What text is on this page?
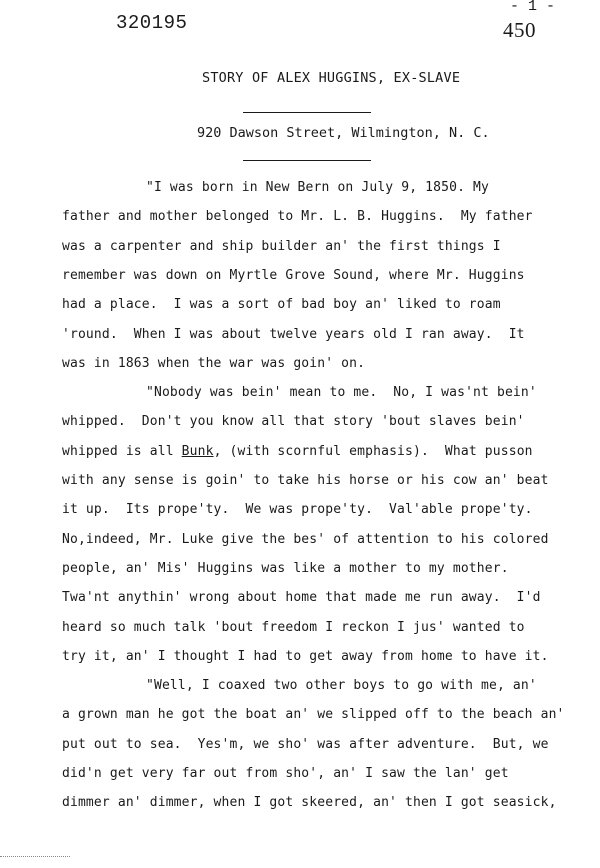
320195
- 1 -
450
STORY OF ALEX HUGGINS, EX-SLAVE
920 Dawson Street, Wilmington, N. C.
"I was born in New Bern on July 9, 1850. My
father and mother belonged to Mr. L. B. Huggins.  My father
was a carpenter and ship builder an' the first things I
remember was down on Myrtle Grove Sound, where Mr. Huggins
had a place.  I was a sort of bad boy an' liked to roam
'round.  When I was about twelve years old I ran away.  It
was in 1863 when the war was goin' on.
"Nobody was bein' mean to me.  No, I was'nt bein'
whipped.  Don't you know all that story 'bout slaves bein'
whipped is all Bunk, (with scornful emphasis).  What pusson
with any sense is goin' to take his horse or his cow an' beat
it up.  Its prope'ty.  We was prope'ty.  Val'able prope'ty.
No,indeed, Mr. Luke give the bes' of attention to his colored
people, an' Mis' Huggins was like a mother to my mother.
Twa'nt anythin' wrong about home that made me run away.  I'd
heard so much talk 'bout freedom I reckon I jus' wanted to
try it, an' I thought I had to get away from home to have it.
"Well, I coaxed two other boys to go with me, an'
a grown man he got the boat an' we slipped off to the beach an'
put out to sea.  Yes'm, we sho' was after adventure.  But, we
did'n get very far out from sho', an' I saw the lan' get
dimmer an' dimmer, when I got skeered, an' then I got seasick,
